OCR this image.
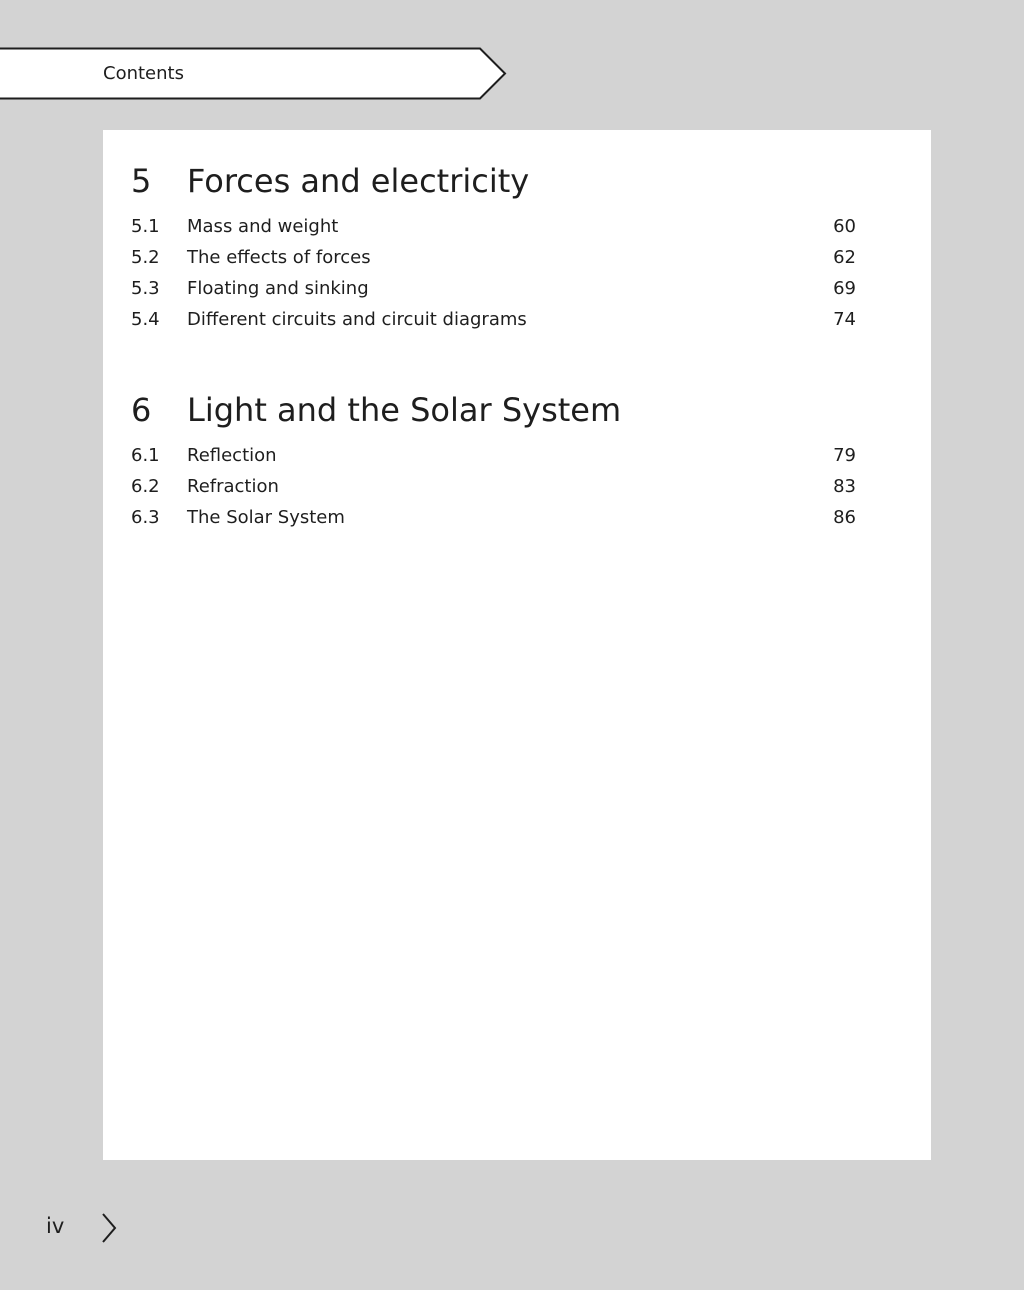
Contents
5 Forces and electricity
5.1 Mass and weight	60
5.2 The effects of forces	62
5.3 Floating and sinking	69
5.4 Different circuits and circuit diagrams	74
6 Light and the Solar System
6.1 Reflection	79
6.2 Refraction	83
6.3 The Solar System	86
iv
